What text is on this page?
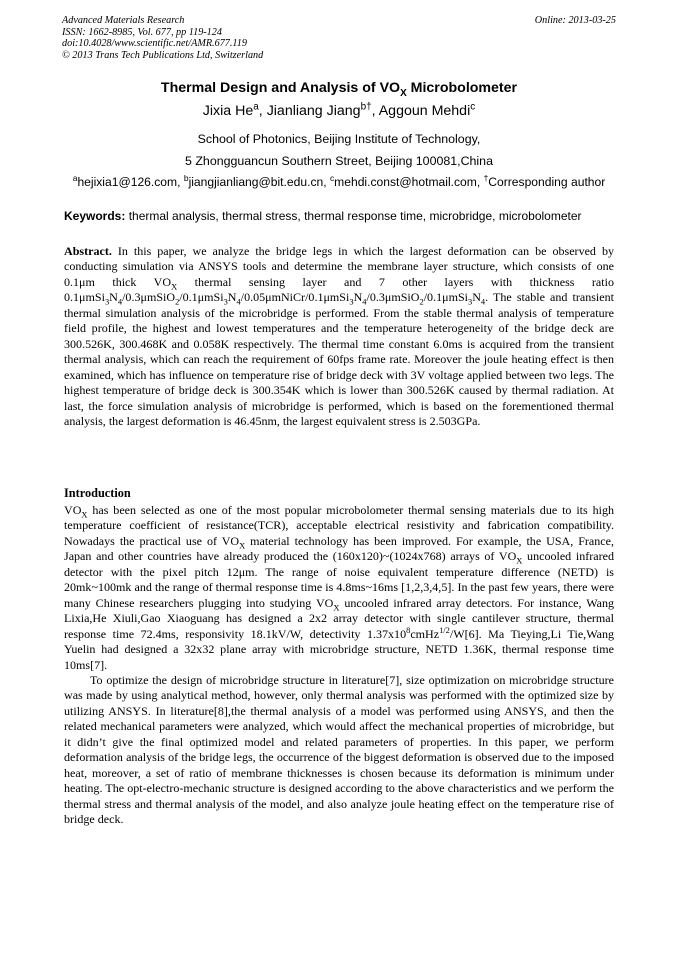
Advanced Materials Research
ISSN: 1662-8985, Vol. 677, pp 119-124
doi:10.4028/www.scientific.net/AMR.677.119
© 2013 Trans Tech Publications Ltd, Switzerland
Online: 2013-03-25
Thermal Design and Analysis of $VO_X$ Microbolometer
Jixia He$^a$, Jianliang Jiang$^{b\dagger}$, Aggoun Mehdi$^c$
School of Photonics, Beijing Institute of Technology,
5 Zhongguancun Southern Street, Beijing 100081,China
$^a$hejixia1@126.com, $^b$jiangjianliang@bit.edu.cn, $^c$mehdi.const@hotmail.com, †Corresponding author
Keywords: thermal analysis, thermal stress, thermal response time, microbridge, microbolometer
Abstract. In this paper, we analyze the bridge legs in which the largest deformation can be observed by conducting simulation via ANSYS tools and determine the membrane layer structure, which consists of one 0.1μm thick $VO_X$ thermal sensing layer and 7 other layers with thickness ratio $0.1\mu mSi_3N_4/0.3\mu mSiO_2/0.1\mu mSi_3N_4/0.05\mu mNiCr/0.1\mu mSi_3N_4/0.3\mu mSiO_2/0.1\mu mSi_3N_4$. The stable and transient thermal simulation analysis of the microbridge is performed. From the stable thermal analysis of temperature field profile, the highest and lowest temperatures and the temperature heterogeneity of the bridge deck are 300.526K, 300.468K and 0.058K respectively. The thermal time constant 6.0ms is acquired from the transient thermal analysis, which can reach the requirement of 60fps frame rate. Moreover the joule heating effect is then examined, which has influence on temperature rise of bridge deck with 3V voltage applied between two legs. The highest temperature of bridge deck is 300.354K which is lower than 300.526K caused by thermal radiation. At last, the force simulation analysis of microbridge is performed, which is based on the forementioned thermal analysis, the largest deformation is 46.45nm, the largest equivalent stress is 2.503GPa.
Introduction

$VO_X$ has been selected as one of the most popular microbolometer thermal sensing materials due to its high temperature coefficient of resistance(TCR), acceptable electrical resistivity and fabrication compatibility. Nowadays the practical use of $VO_X$ material technology has been improved. For example, the USA, France, Japan and other countries have already produced the (160x120)~(1024x768) arrays of $VO_X$ uncooled infrared detector with the pixel pitch 12μm. The range of noise equivalent temperature difference (NETD) is 20mk~100mk and the range of thermal response time is 4.8ms~16ms [1,2,3,4,5]. In the past few years, there were many Chinese researchers plugging into studying $VO_X$ uncooled infrared array detectors. For instance, Wang Lixia,He Xiuli,Gao Xiaoguang has designed a 2x2 array detector with single cantilever structure, thermal response time 72.4ms, responsivity 18.1kV/W, detectivity $1.37x10^8cmHz^{1/2}/W[6]$. Ma Tieying,Li Tie,Wang Yuelin had designed a 32x32 plane array with microbridge structure, NETD 1.36K, thermal response time 10ms[7].

To optimize the design of microbridge structure in literature[7], size optimization on microbridge structure was made by using analytical method, however, only thermal analysis was performed with the optimized size by utilizing ANSYS. In literature[8],the thermal analysis of a model was performed using ANSYS, and then the related mechanical parameters were analyzed, which would affect the mechanical properties of microbridge, but it didn’t give the final optimized model and related parameters of properties. In this paper, we perform deformation analysis of the bridge legs, the occurrence of the biggest deformation is observed due to the imposed heat, moreover, a set of ratio of membrane thicknesses is chosen because its deformation is minimum under heating. The opt-electro-mechanic structure is designed according to the above characteristics and we perform the thermal stress and thermal analysis of the model, and also analyze joule heating effect on the temperature rise of bridge deck.
